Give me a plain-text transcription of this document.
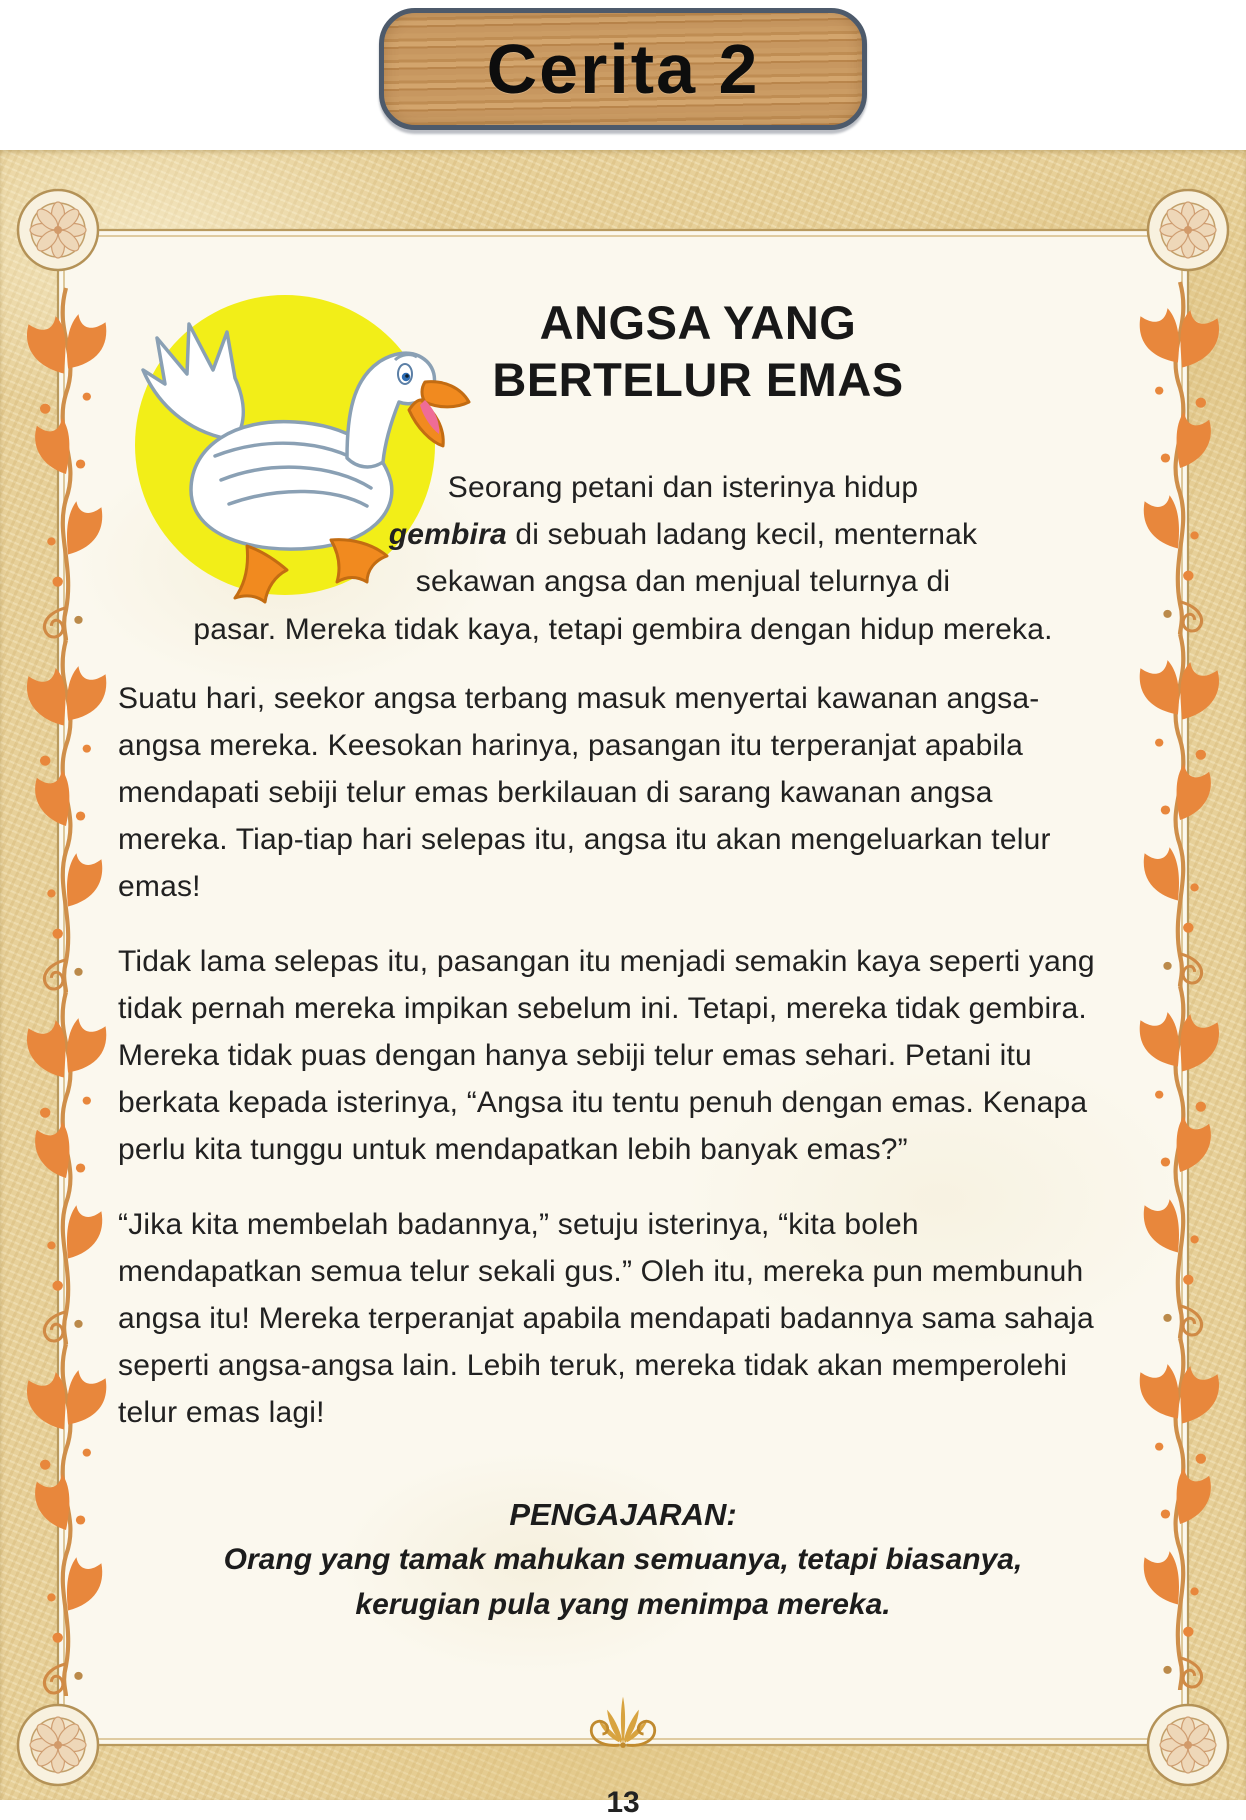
Cerita 2
ANGSA YANG
BERTELUR EMAS
Seorang petani dan isterinya hidup
gembira di sebuah ladang kecil, menternak
sekawan angsa dan menjual telurnya di
pasar. Mereka tidak kaya, tetapi gembira dengan hidup mereka.

Suatu hari, seekor angsa terbang masuk menyertai kawanan angsa-angsa mereka. Keesokan harinya, pasangan itu terperanjat apabila mendapati sebiji telur emas berkilauan di sarang kawanan angsa mereka. Tiap-tiap hari selepas itu, angsa itu akan mengeluarkan telur emas!

Tidak lama selepas itu, pasangan itu menjadi semakin kaya seperti yang tidak pernah mereka impikan sebelum ini. Tetapi, mereka tidak gembira. Mereka tidak puas dengan hanya sebiji telur emas sehari. Petani itu berkata kepada isterinya, “Angsa itu tentu penuh dengan emas. Kenapa perlu kita tunggu untuk mendapatkan lebih banyak emas?”

“Jika kita membelah badannya,” setuju isterinya, “kita boleh mendapatkan semua telur sekali gus.” Oleh itu, mereka pun membunuh angsa itu! Mereka terperanjat apabila mendapati badannya sama sahaja seperti angsa-angsa lain. Lebih teruk, mereka tidak akan memperolehi telur emas lagi!

PENGAJARAN:
Orang yang tamak mahukan semuanya, tetapi biasanya,
kerugian pula yang menimpa mereka.
13
